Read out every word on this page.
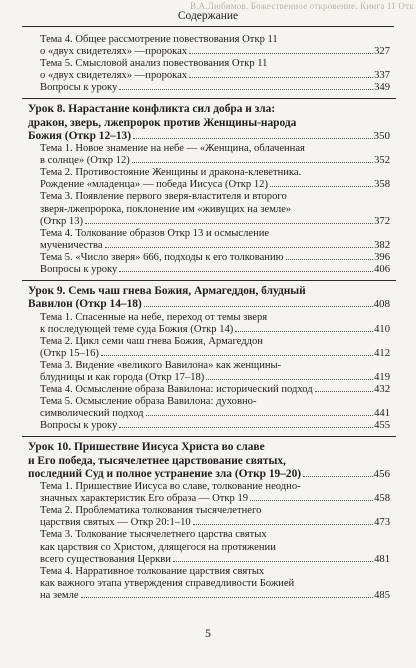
В.А.Любимов. Божественное откровение. Книга 11 Отк
Содержание
Тема 4. Общее рассмотрение повествования Откр 11
о «двух свидетелях» —пророках	327
Тема 5. Смысловой анализ повествования Откр 11
о «двух свидетелях» —пророках	337
Вопросы к уроку	349
Урок 8. Нарастание конфликта сил добра и зла:
дракон, зверь, лжепророк против Женщины-народа
Божия (Откр 12–13)	350
Тема 1. Новое знамение на небе — «Женщина, облаченная
в солнце» (Откр 12)	352
Тема 2. Противостояние Женщины и дракона-клеветника.
Рождение «младенца» — победа Иисуса (Откр 12)	358
Тема 3. Появление первого зверя-властителя и второго
зверя-лжепророка, поклонение им «живущих на земле»
(Откр 13)	372
Тема 4. Толкование образов Откр 13 и осмысление
мученичества	382
Тема 5. «Число зверя» 666, подходы к его толкованию	396
Вопросы к уроку	406
Урок 9. Семь чаш гнева Божия, Армагеддон, блудный
Вавилон (Откр 14–18)	408
Тема 1. Спасенные на небе, переход от темы зверя
к последующей теме суда Божия (Откр 14)	410
Тема 2. Цикл семи чаш гнева Божия, Армагеддон
(Откр 15–16)	412
Тема 3. Видение «великого Вавилона» как женщины-
блудницы и как города (Откр 17–18)	419
Тема 4. Осмысление образа Вавилона: исторический подход	432
Тема 5. Осмысление образа Вавилона: духовно-
символический подход	441
Вопросы к уроку	455
Урок 10. Пришествие Иисуса Христа во славе
и Его победа, тысячелетнее царствование святых,
последний Суд и полное устранение зла (Откр 19–20)	456
Тема 1. Пришествие Иисуса во славе, толкование неодно-
значных характеристик Его образа — Откр 19	458
Тема 2. Проблематика толкования тысячелетнего
царствия святых — Откр 20:1–10	473
Тема 3. Толкование тысячелетнего царства святых
как царствия со Христом, длящегося на протяжении
всего существования Церкви	481
Тема 4. Нарративное толкование царствия святых
как важного этапа утверждения справедливости Божией
на земле	485
5
